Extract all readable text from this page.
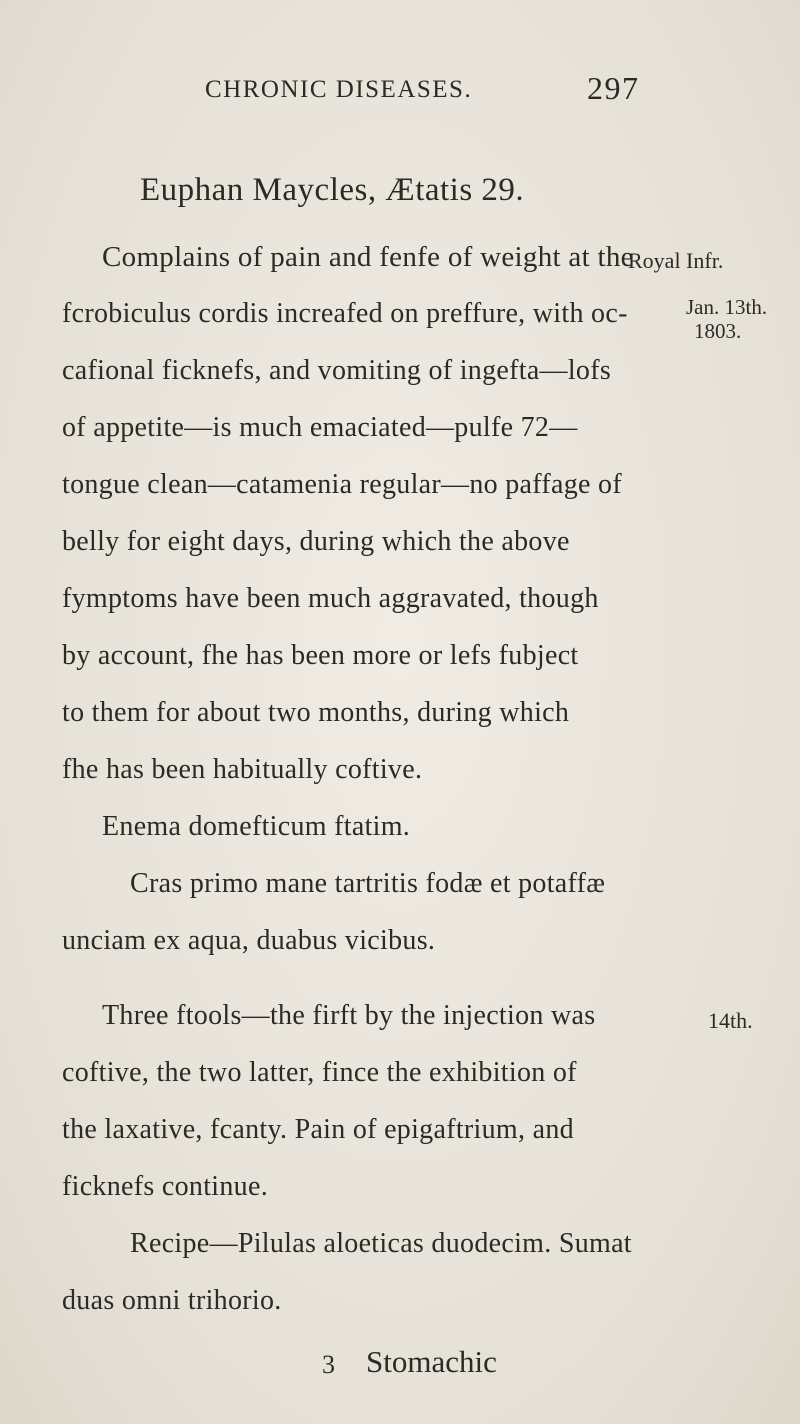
CHRONIC DISEASES.	297
Euphan Maycles, Ætatis 29.
Complains of pain and fenfe of weight at the
fcrobiculus cordis increafed on preffure, with oc-
cafional ficknefs, and vomiting of ingefta—lofs
of appetite—is much emaciated—pulfe 72—
tongue clean—catamenia regular—no paffage of
belly for eight days, during which the above
fymptoms have been much aggravated, though
by account, fhe has been more or lefs fubject
to them for about two months, during which
fhe has been habitually coftive.
Royal Infr.
Jan. 13th.
1803.
Enema domefticum ftatim.
Cras primo mane tartritis fodæ et potaffæ
unciam ex aqua, duabus vicibus.
Three ftools—the firft by the injection was
coftive, the two latter, fince the exhibition of
the laxative, fcanty. Pain of epigaftrium, and
ficknefs continue.
14th.
Recipe—Pilulas aloeticas duodecim. Sumat
3 Stomachic
duas omni trihorio.
